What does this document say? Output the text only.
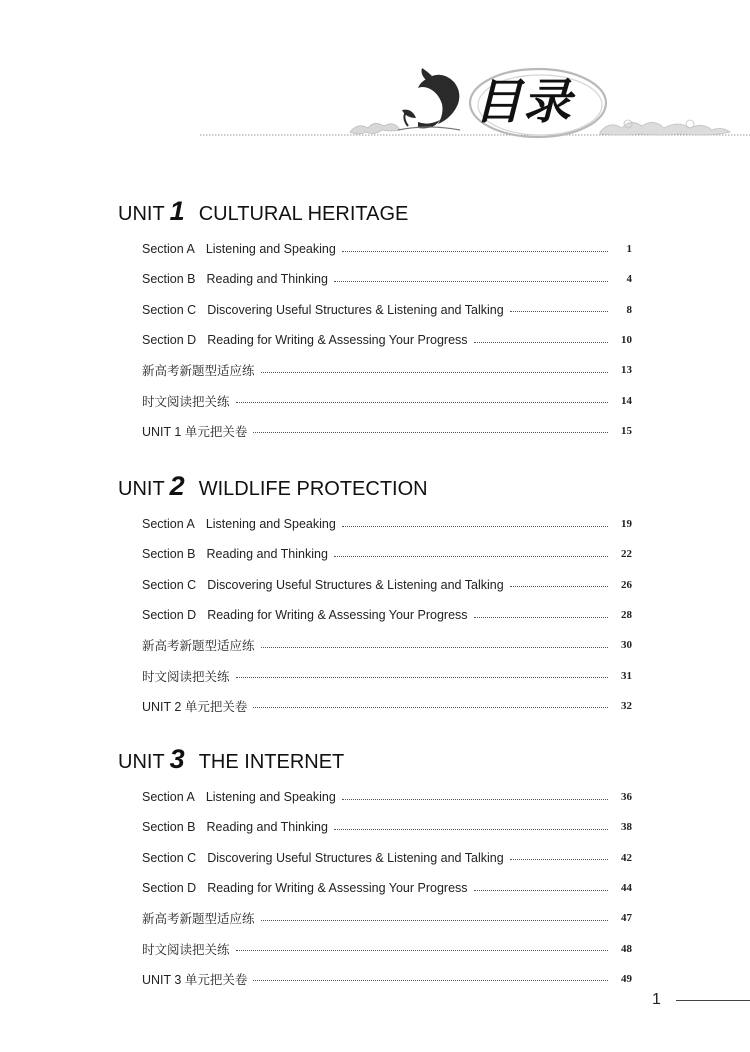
目录
UNIT 1 CULTURAL HERITAGE
Section A Listening and Speaking	1
Section B Reading and Thinking	4
Section C Discovering Useful Structures & Listening and Talking	8
Section D Reading for Writing & Assessing Your Progress	10
新高考新题型适应练	13
时文阅读把关练	14
UNIT 1 单元把关卷	15
UNIT 2 WILDLIFE PROTECTION
Section A Listening and Speaking	19
Section B Reading and Thinking	22
Section C Discovering Useful Structures & Listening and Talking	26
Section D Reading for Writing & Assessing Your Progress	28
新高考新题型适应练	30
时文阅读把关练	31
UNIT 2 单元把关卷	32
UNIT 3 THE INTERNET
Section A Listening and Speaking	36
Section B Reading and Thinking	38
Section C Discovering Useful Structures & Listening and Talking	42
Section D Reading for Writing & Assessing Your Progress	44
新高考新题型适应练	47
时文阅读把关练	48
UNIT 3 单元把关卷	49
1
